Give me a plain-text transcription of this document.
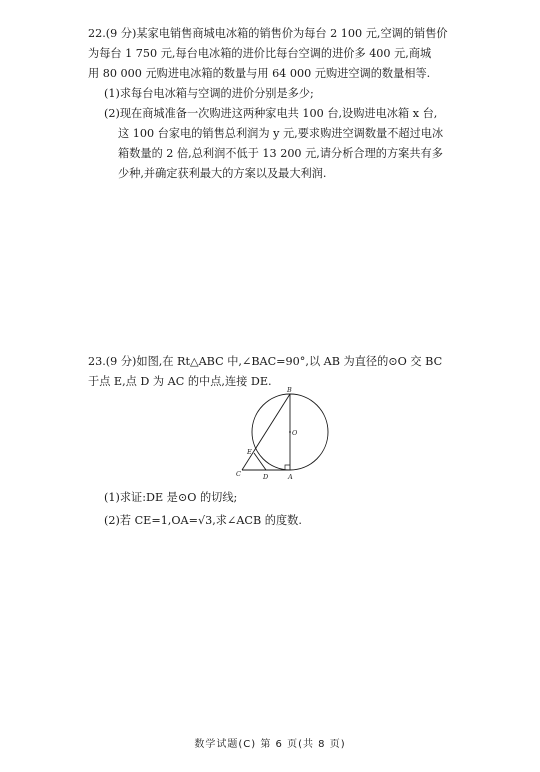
22.(9 分)某家电销售商城电冰箱的销售价为每台 2 100 元,空调的销售价
为每台 1 750 元,每台电冰箱的进价比每台空调的进价多 400 元,商城
用 80 000 元购进电冰箱的数量与用 64 000 元购进空调的数量相等.
(1)求每台电冰箱与空调的进价分别是多少;
(2)现在商城准备一次购进这两种家电共 100 台,设购进电冰箱 x 台,
这 100 台家电的销售总利润为 y 元,要求购进空调数量不超过电冰
箱数量的 2 倍,总利润不低于 13 200 元,请分析合理的方案共有多
少种,并确定获利最大的方案以及最大利润.
23.(9 分)如图,在 Rt△ABC 中,∠BAC=90°,以 AB 为直径的⊙O 交 BC
于点 E,点 D 为 AC 的中点,连接 DE.
B
O
E
C	D	A
(1)求证:DE 是⊙O 的切线;
(2)若 CE=1,OA=√3,求∠ACB 的度数.
数学试题(C) 第 6 页(共 8 页)
